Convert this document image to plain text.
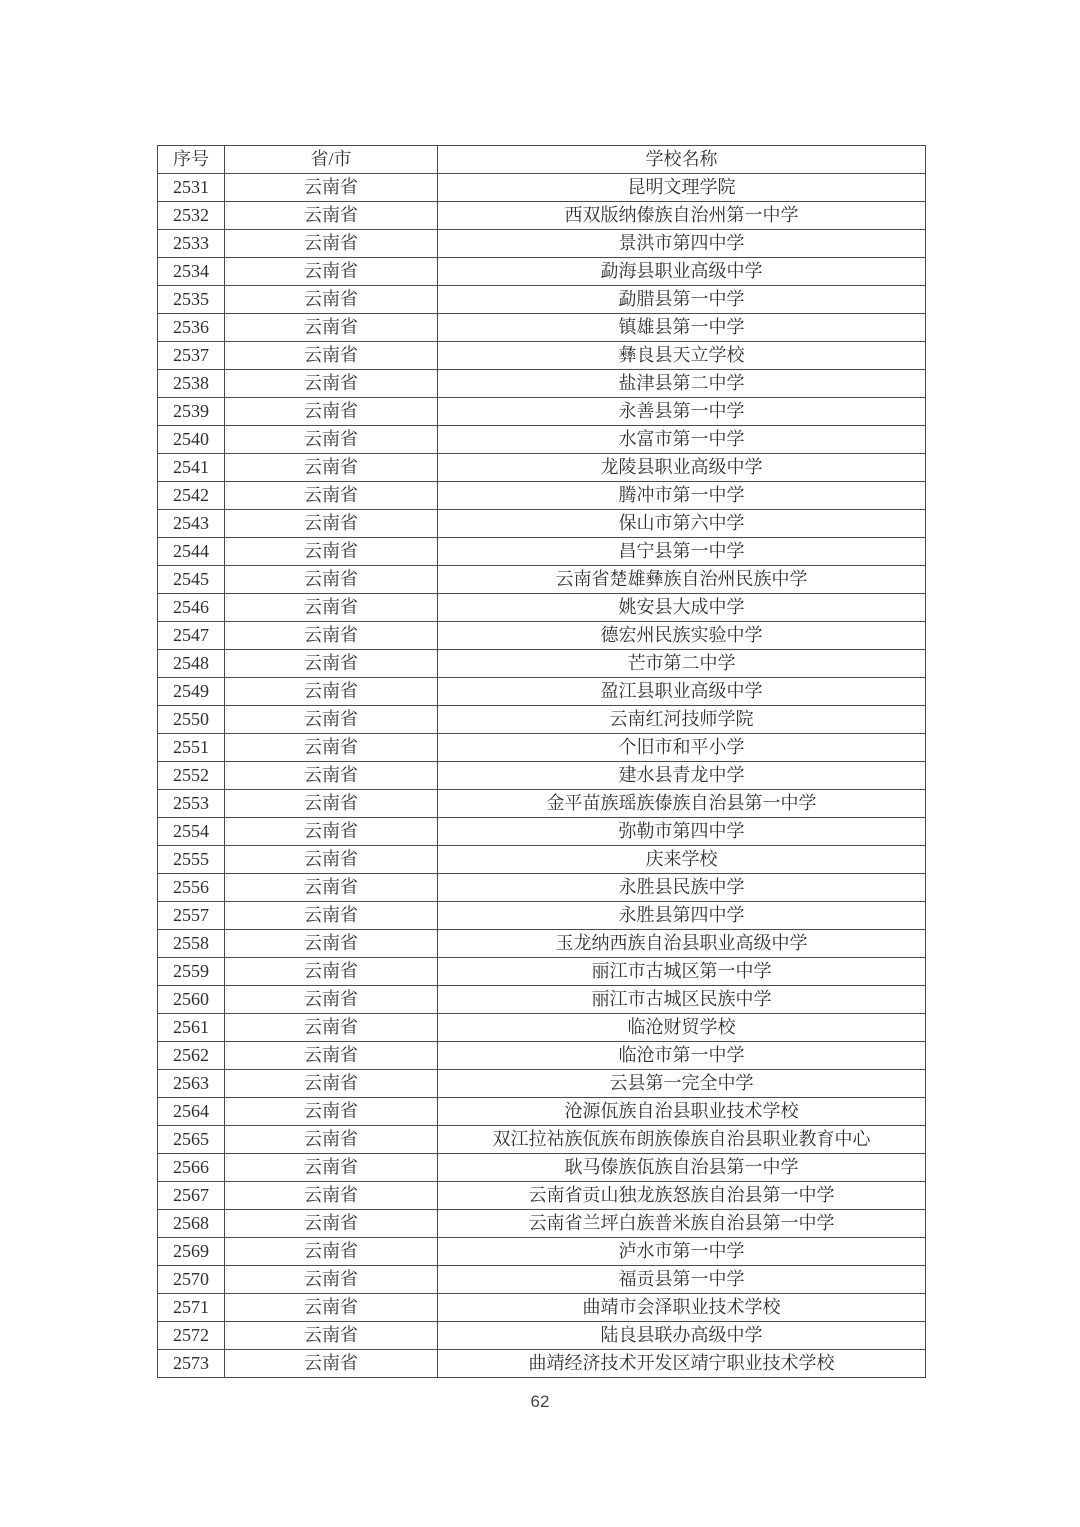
序号	省/市	学校名称
2531	云南省	昆明文理学院
2532	云南省	西双版纳傣族自治州第一中学
2533	云南省	景洪市第四中学
2534	云南省	勐海县职业高级中学
2535	云南省	勐腊县第一中学
2536	云南省	镇雄县第一中学
2537	云南省	彝良县天立学校
2538	云南省	盐津县第二中学
2539	云南省	永善县第一中学
2540	云南省	水富市第一中学
2541	云南省	龙陵县职业高级中学
2542	云南省	腾冲市第一中学
2543	云南省	保山市第六中学
2544	云南省	昌宁县第一中学
2545	云南省	云南省楚雄彝族自治州民族中学
2546	云南省	姚安县大成中学
2547	云南省	德宏州民族实验中学
2548	云南省	芒市第二中学
2549	云南省	盈江县职业高级中学
2550	云南省	云南红河技师学院
2551	云南省	个旧市和平小学
2552	云南省	建水县青龙中学
2553	云南省	金平苗族瑶族傣族自治县第一中学
2554	云南省	弥勒市第四中学
2555	云南省	庆来学校
2556	云南省	永胜县民族中学
2557	云南省	永胜县第四中学
2558	云南省	玉龙纳西族自治县职业高级中学
2559	云南省	丽江市古城区第一中学
2560	云南省	丽江市古城区民族中学
2561	云南省	临沧财贸学校
2562	云南省	临沧市第一中学
2563	云南省	云县第一完全中学
2564	云南省	沧源佤族自治县职业技术学校
2565	云南省	双江拉祜族佤族布朗族傣族自治县职业教育中心
2566	云南省	耿马傣族佤族自治县第一中学
2567	云南省	云南省贡山独龙族怒族自治县第一中学
2568	云南省	云南省兰坪白族普米族自治县第一中学
2569	云南省	泸水市第一中学
2570	云南省	福贡县第一中学
2571	云南省	曲靖市会泽职业技术学校
2572	云南省	陆良县联办高级中学
2573	云南省	曲靖经济技术开发区靖宁职业技术学校
62
